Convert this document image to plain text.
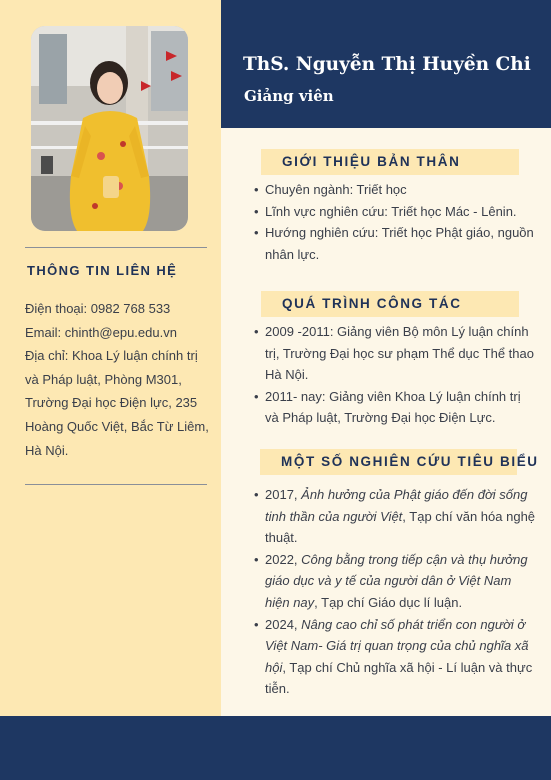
THÔNG TIN LIÊN HỆ
Điện thoại: 0982 768 533
Email: chinth@epu.edu.vn
Địa chỉ: Khoa Lý luận chính trị
và Pháp luật, Phòng M301,
Trường Đại học Điện lực, 235
Hoàng Quốc Việt, Bắc Từ Liêm,
Hà Nội.
ThS. Nguyễn Thị Huyền Chi
Giảng viên
GIỚI THIỆU BẢN THÂN
• Chuyên ngành: Triết học
• Lĩnh vực nghiên cứu: Triết học Mác - Lênin.
• Hướng nghiên cứu: Triết học Phật giáo, nguồn nhân lực.
QUÁ TRÌNH CÔNG TÁC
• 2009 -2011: Giảng viên Bộ môn Lý luận chính trị, Trường Đại học sư phạm Thể dục Thể thao Hà Nội.
• 2011- nay: Giảng viên Khoa Lý luận chính trị và Pháp luật, Trường Đại học Điện Lực.
MỘT SỐ NGHIÊN CỨU TIÊU BIỂU
• 2017, Ảnh hưởng của Phật giáo đến đời sống tinh thần của người Việt, Tạp chí văn hóa nghệ thuật.
• 2022, Công bằng trong tiếp cận và thụ hưởng giáo dục và y tế của người dân ở Việt Nam hiện nay, Tạp chí Giáo dục lí luận.
• 2024, Nâng cao chỉ số phát triển con người ở Việt Nam- Giá trị quan trọng của chủ nghĩa xã hội, Tạp chí Chủ nghĩa xã hội - Lí luận và thực tiễn.
